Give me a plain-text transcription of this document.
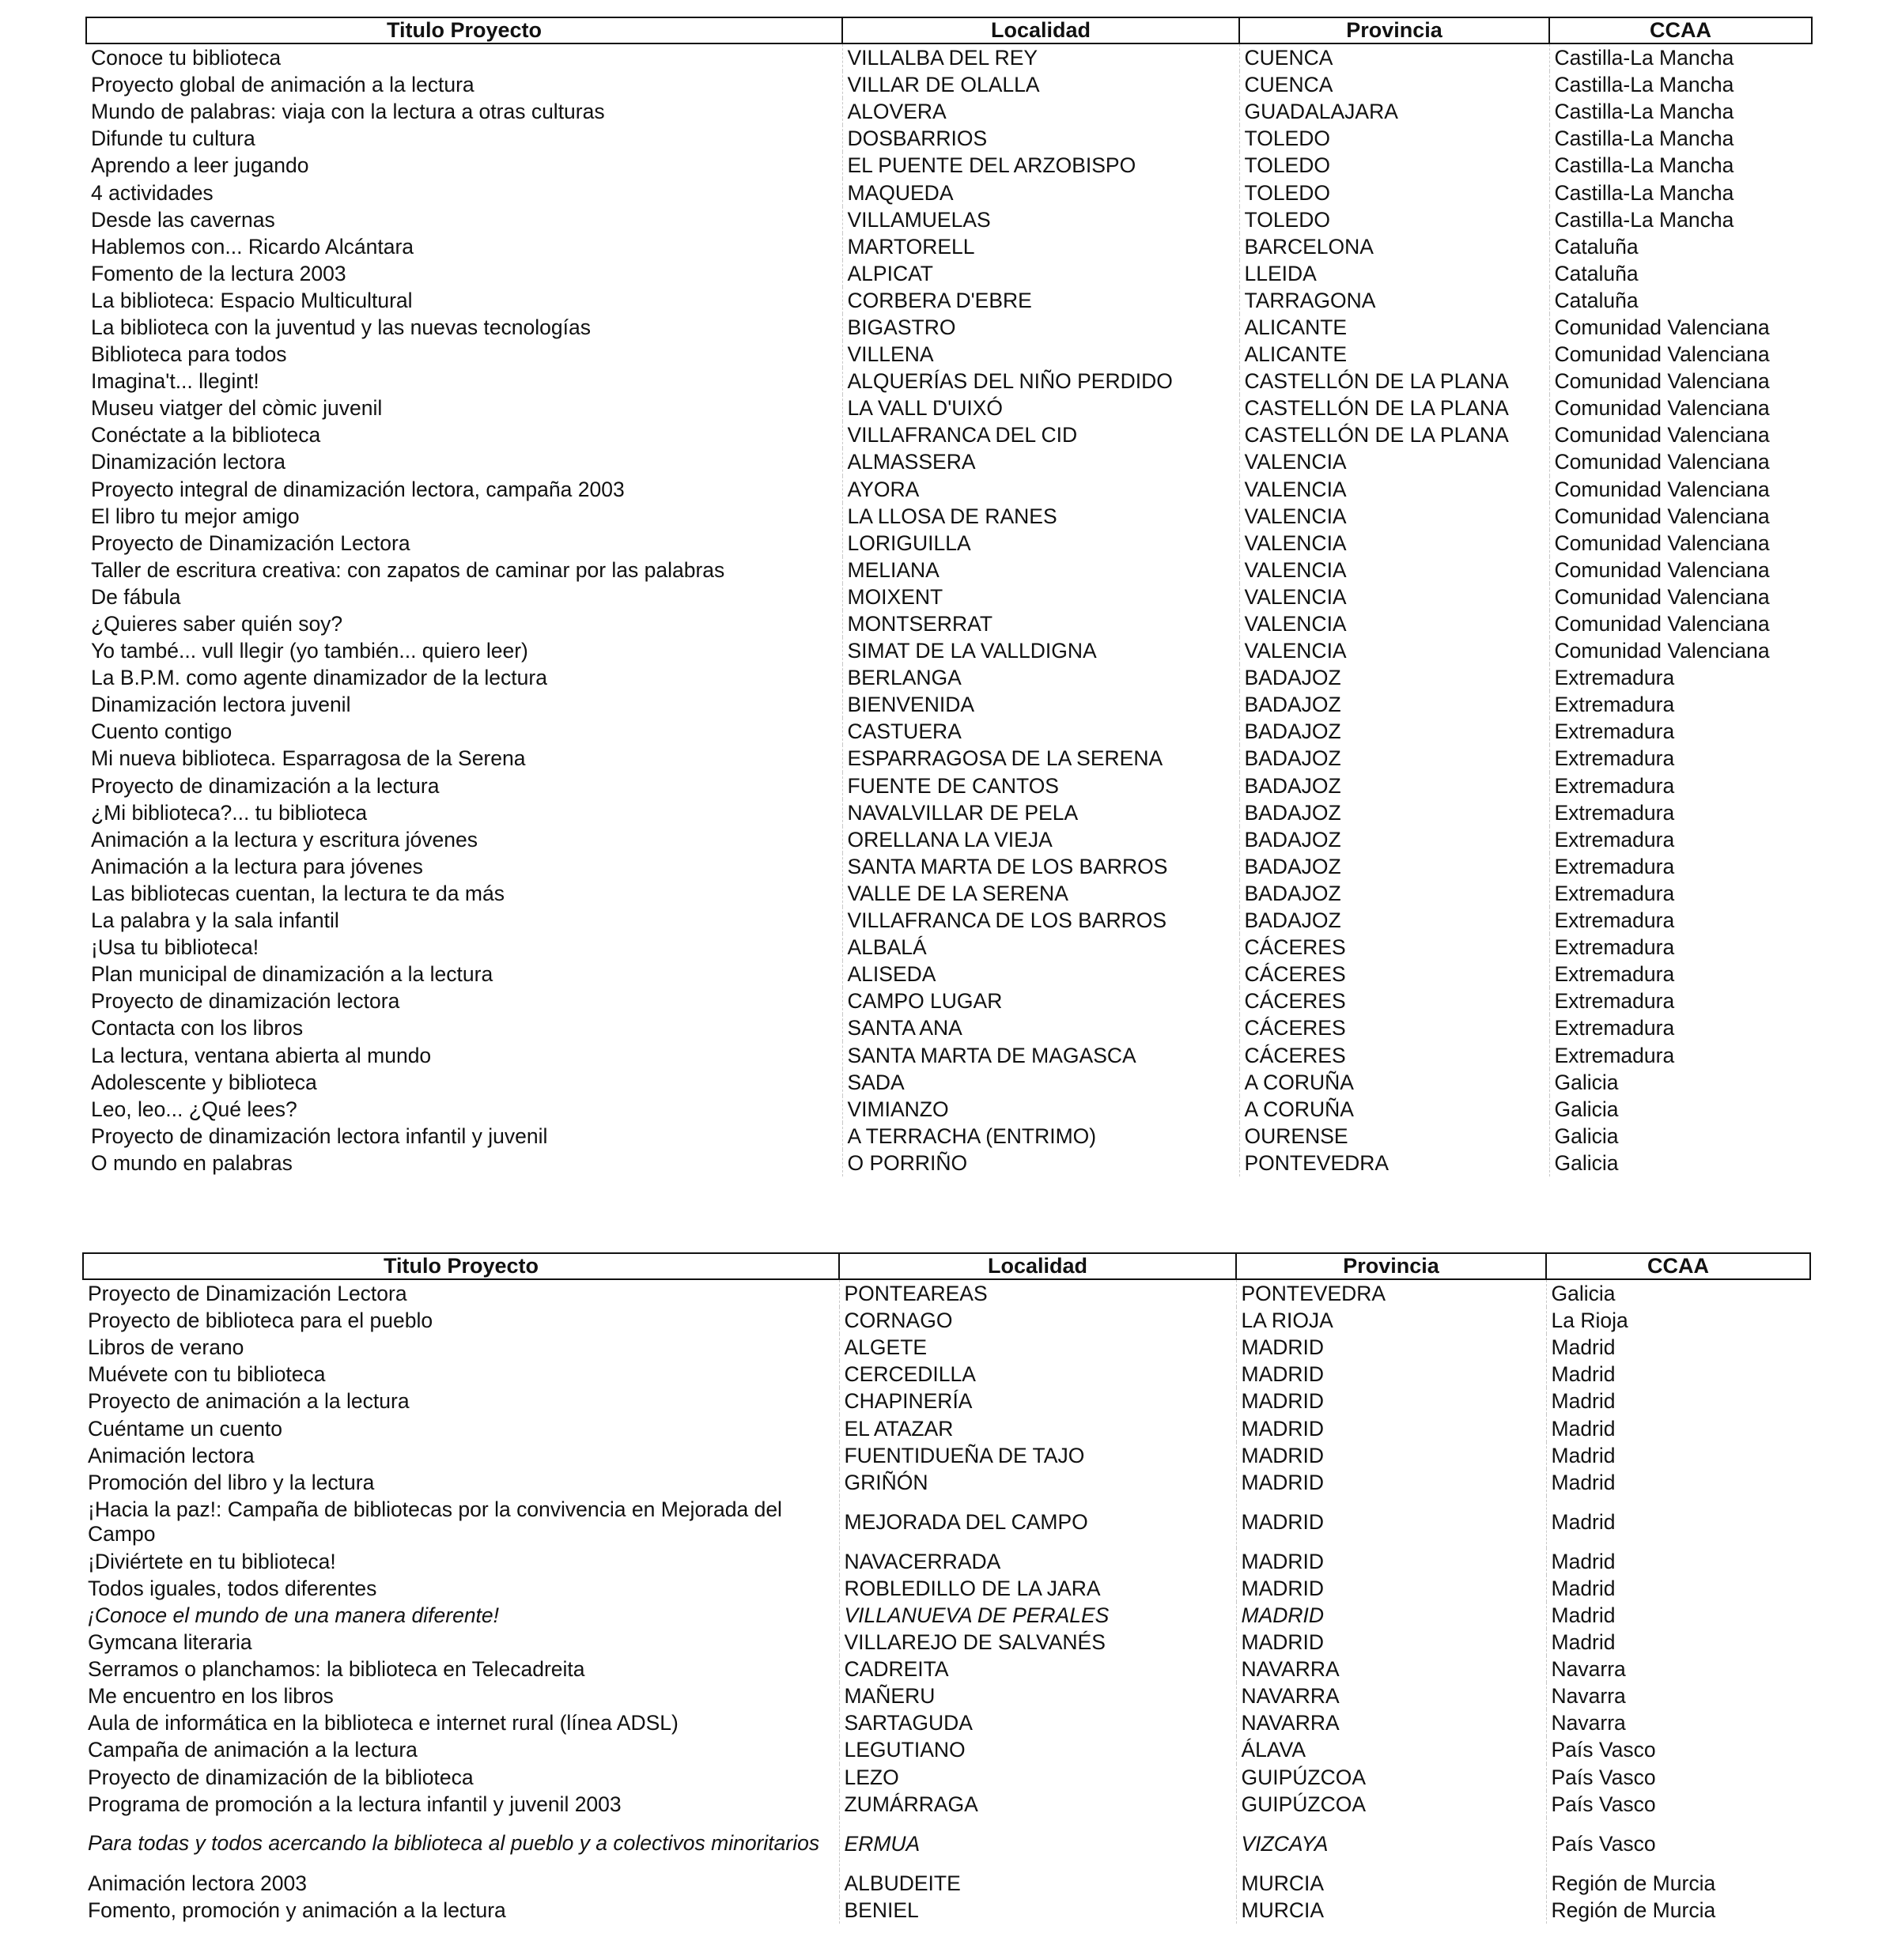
Titulo Proyecto	Localidad	Provincia	CCAA
Conoce tu biblioteca	VILLALBA DEL REY	CUENCA	Castilla-La Mancha
Proyecto global de animación a la lectura	VILLAR DE OLALLA	CUENCA	Castilla-La Mancha
Mundo de palabras: viaja con la lectura a otras culturas	ALOVERA	GUADALAJARA	Castilla-La Mancha
Difunde tu cultura	DOSBARRIOS	TOLEDO	Castilla-La Mancha
Aprendo a leer jugando	EL PUENTE DEL ARZOBISPO	TOLEDO	Castilla-La Mancha
4 actividades	MAQUEDA	TOLEDO	Castilla-La Mancha
Desde las cavernas	VILLAMUELAS	TOLEDO	Castilla-La Mancha
Hablemos con... Ricardo Alcántara	MARTORELL	BARCELONA	Cataluña
Fomento de la lectura 2003	ALPICAT	LLEIDA	Cataluña
La biblioteca: Espacio Multicultural	CORBERA D'EBRE	TARRAGONA	Cataluña
La biblioteca con la juventud y las nuevas tecnologías	BIGASTRO	ALICANTE	Comunidad Valenciana
Biblioteca para todos	VILLENA	ALICANTE	Comunidad Valenciana
Imagina't... llegint!	ALQUERÍAS DEL NIÑO PERDIDO	CASTELLÓN DE LA PLANA	Comunidad Valenciana
Museu viatger del còmic juvenil	LA VALL D'UIXÓ	CASTELLÓN DE LA PLANA	Comunidad Valenciana
Conéctate a la biblioteca	VILLAFRANCA DEL CID	CASTELLÓN DE LA PLANA	Comunidad Valenciana
Dinamización lectora	ALMASSERA	VALENCIA	Comunidad Valenciana
Proyecto integral de dinamización lectora, campaña 2003	AYORA	VALENCIA	Comunidad Valenciana
El libro tu mejor amigo	LA LLOSA DE RANES	VALENCIA	Comunidad Valenciana
Proyecto de Dinamización Lectora	LORIGUILLA	VALENCIA	Comunidad Valenciana
Taller de escritura creativa: con zapatos de caminar por las palabras	MELIANA	VALENCIA	Comunidad Valenciana
De fábula	MOIXENT	VALENCIA	Comunidad Valenciana
¿Quieres saber quién soy?	MONTSERRAT	VALENCIA	Comunidad Valenciana
Yo també... vull llegir (yo también... quiero leer)	SIMAT DE LA VALLDIGNA	VALENCIA	Comunidad Valenciana
La B.P.M. como agente dinamizador de la lectura	BERLANGA	BADAJOZ	Extremadura
Dinamización lectora juvenil	BIENVENIDA	BADAJOZ	Extremadura
Cuento contigo	CASTUERA	BADAJOZ	Extremadura
Mi nueva biblioteca. Esparragosa de la Serena	ESPARRAGOSA DE LA SERENA	BADAJOZ	Extremadura
Proyecto de dinamización a la lectura	FUENTE DE CANTOS	BADAJOZ	Extremadura
¿Mi biblioteca?... tu biblioteca	NAVALVILLAR DE PELA	BADAJOZ	Extremadura
Animación a la lectura y escritura jóvenes	ORELLANA LA VIEJA	BADAJOZ	Extremadura
Animación a la lectura para jóvenes	SANTA MARTA DE LOS BARROS	BADAJOZ	Extremadura
Las bibliotecas cuentan, la lectura te da más	VALLE DE LA SERENA	BADAJOZ	Extremadura
La palabra y la sala infantil	VILLAFRANCA DE LOS BARROS	BADAJOZ	Extremadura
¡Usa tu biblioteca!	ALBALÁ	CÁCERES	Extremadura
Plan municipal de dinamización a la lectura	ALISEDA	CÁCERES	Extremadura
Proyecto de dinamización lectora	CAMPO LUGAR	CÁCERES	Extremadura
Contacta con los libros	SANTA ANA	CÁCERES	Extremadura
La lectura, ventana abierta al mundo	SANTA MARTA DE MAGASCA	CÁCERES	Extremadura
Adolescente y biblioteca	SADA	A CORUÑA	Galicia
Leo, leo... ¿Qué lees?	VIMIANZO	A CORUÑA	Galicia
Proyecto de dinamización lectora infantil y juvenil	A TERRACHA (ENTRIMO)	OURENSE	Galicia
O mundo en palabras	O PORRIÑO	PONTEVEDRA	Galicia
Titulo Proyecto	Localidad	Provincia	CCAA
Proyecto de Dinamización Lectora	PONTEAREAS	PONTEVEDRA	Galicia
Proyecto de biblioteca para el pueblo	CORNAGO	LA RIOJA	La Rioja
Libros de verano	ALGETE	MADRID	Madrid
Muévete con tu biblioteca	CERCEDILLA	MADRID	Madrid
Proyecto de animación a la lectura	CHAPINERÍA	MADRID	Madrid
Cuéntame un cuento	EL ATAZAR	MADRID	Madrid
Animación lectora	FUENTIDUEÑA DE TAJO	MADRID	Madrid
Promoción del libro y la lectura	GRIÑÓN	MADRID	Madrid
¡Hacia la paz!: Campaña de bibliotecas por la convivencia en Mejorada del Campo	MEJORADA DEL CAMPO	MADRID	Madrid
¡Diviértete en tu biblioteca!	NAVACERRADA	MADRID	Madrid
Todos iguales, todos diferentes	ROBLEDILLO DE LA JARA	MADRID	Madrid
¡Conoce el mundo de una manera diferente!	VILLANUEVA DE PERALES	MADRID	Madrid
Gymcana literaria	VILLAREJO DE SALVANÉS	MADRID	Madrid
Serramos o planchamos: la biblioteca en Telecadreita	CADREITA	NAVARRA	Navarra
Me encuentro en los libros	MAÑERU	NAVARRA	Navarra
Aula de informática en la biblioteca e internet rural (línea ADSL)	SARTAGUDA	NAVARRA	Navarra
Campaña de animación a la lectura	LEGUTIANO	ÁLAVA	País Vasco
Proyecto de dinamización de la biblioteca	LEZO	GUIPÚZCOA	País Vasco
Programa de promoción a la lectura infantil y juvenil 2003	ZUMÁRRAGA	GUIPÚZCOA	País Vasco
Para todas y todos acercando la biblioteca al pueblo y a colectivos minoritarios	ERMUA	VIZCAYA	País Vasco
Animación lectora 2003	ALBUDEITE	MURCIA	Región de Murcia
Fomento, promoción y animación a la lectura	BENIEL	MURCIA	Región de Murcia
